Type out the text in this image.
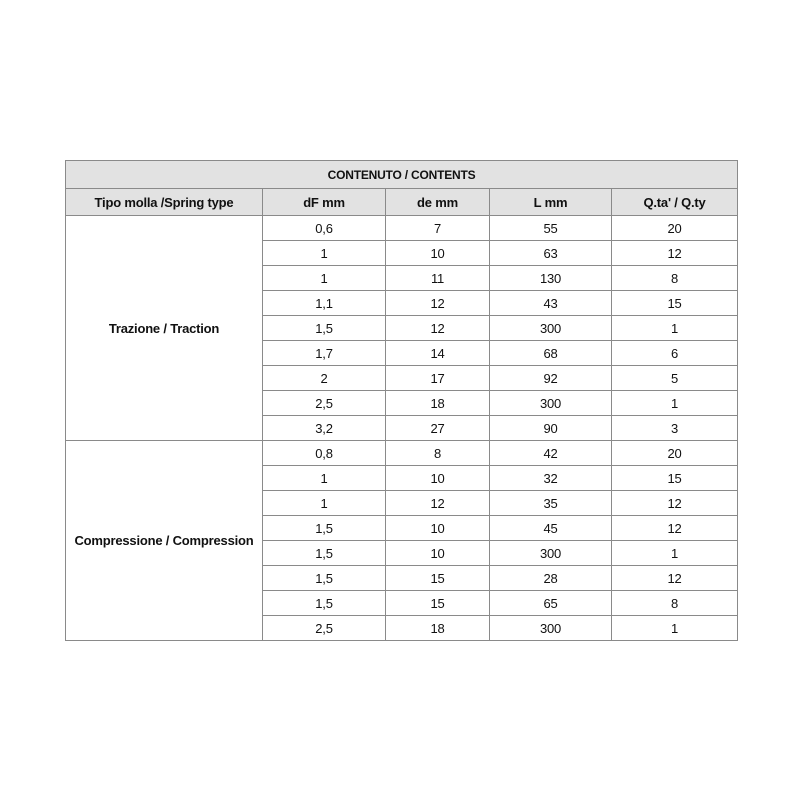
CONTENUTO / CONTENTS				
Tipo molla /Spring type	dF mm	de mm	L mm	Q.ta' / Q.ty
Trazione / Traction	0,6	7	55	20
	1	10	63	12
	1	11	130	8
	1,1	12	43	15
	1,5	12	300	1
	1,7	14	68	6
	2	17	92	5
	2,5	18	300	1
	3,2	27	90	3
Compressione / Compression	0,8	8	42	20
	1	10	32	15
	1	12	35	12
	1,5	10	45	12
	1,5	10	300	1
	1,5	15	28	12
	1,5	15	65	8
	2,5	18	300	1
